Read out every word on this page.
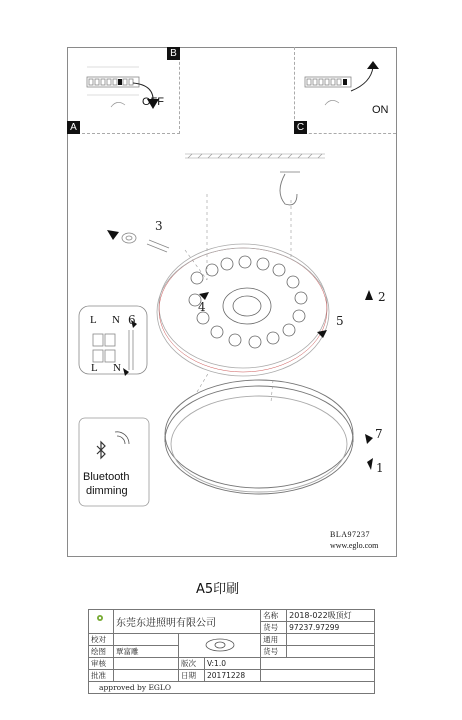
A
B
OFF
C
ON
3
2
4
5
6
7
1
L N
L N
Bluetooth
dimming
BLA97237
www.eglo.com
A5印刷
	东莞东进照明有限公司			名称	2018-022吸顶灯
				货号	97237.97299
校对				通用	
绘图	覃富雕			货号	
审核		版次	V:1.0		
批准		日期	20171228		
approved by EGLO					
